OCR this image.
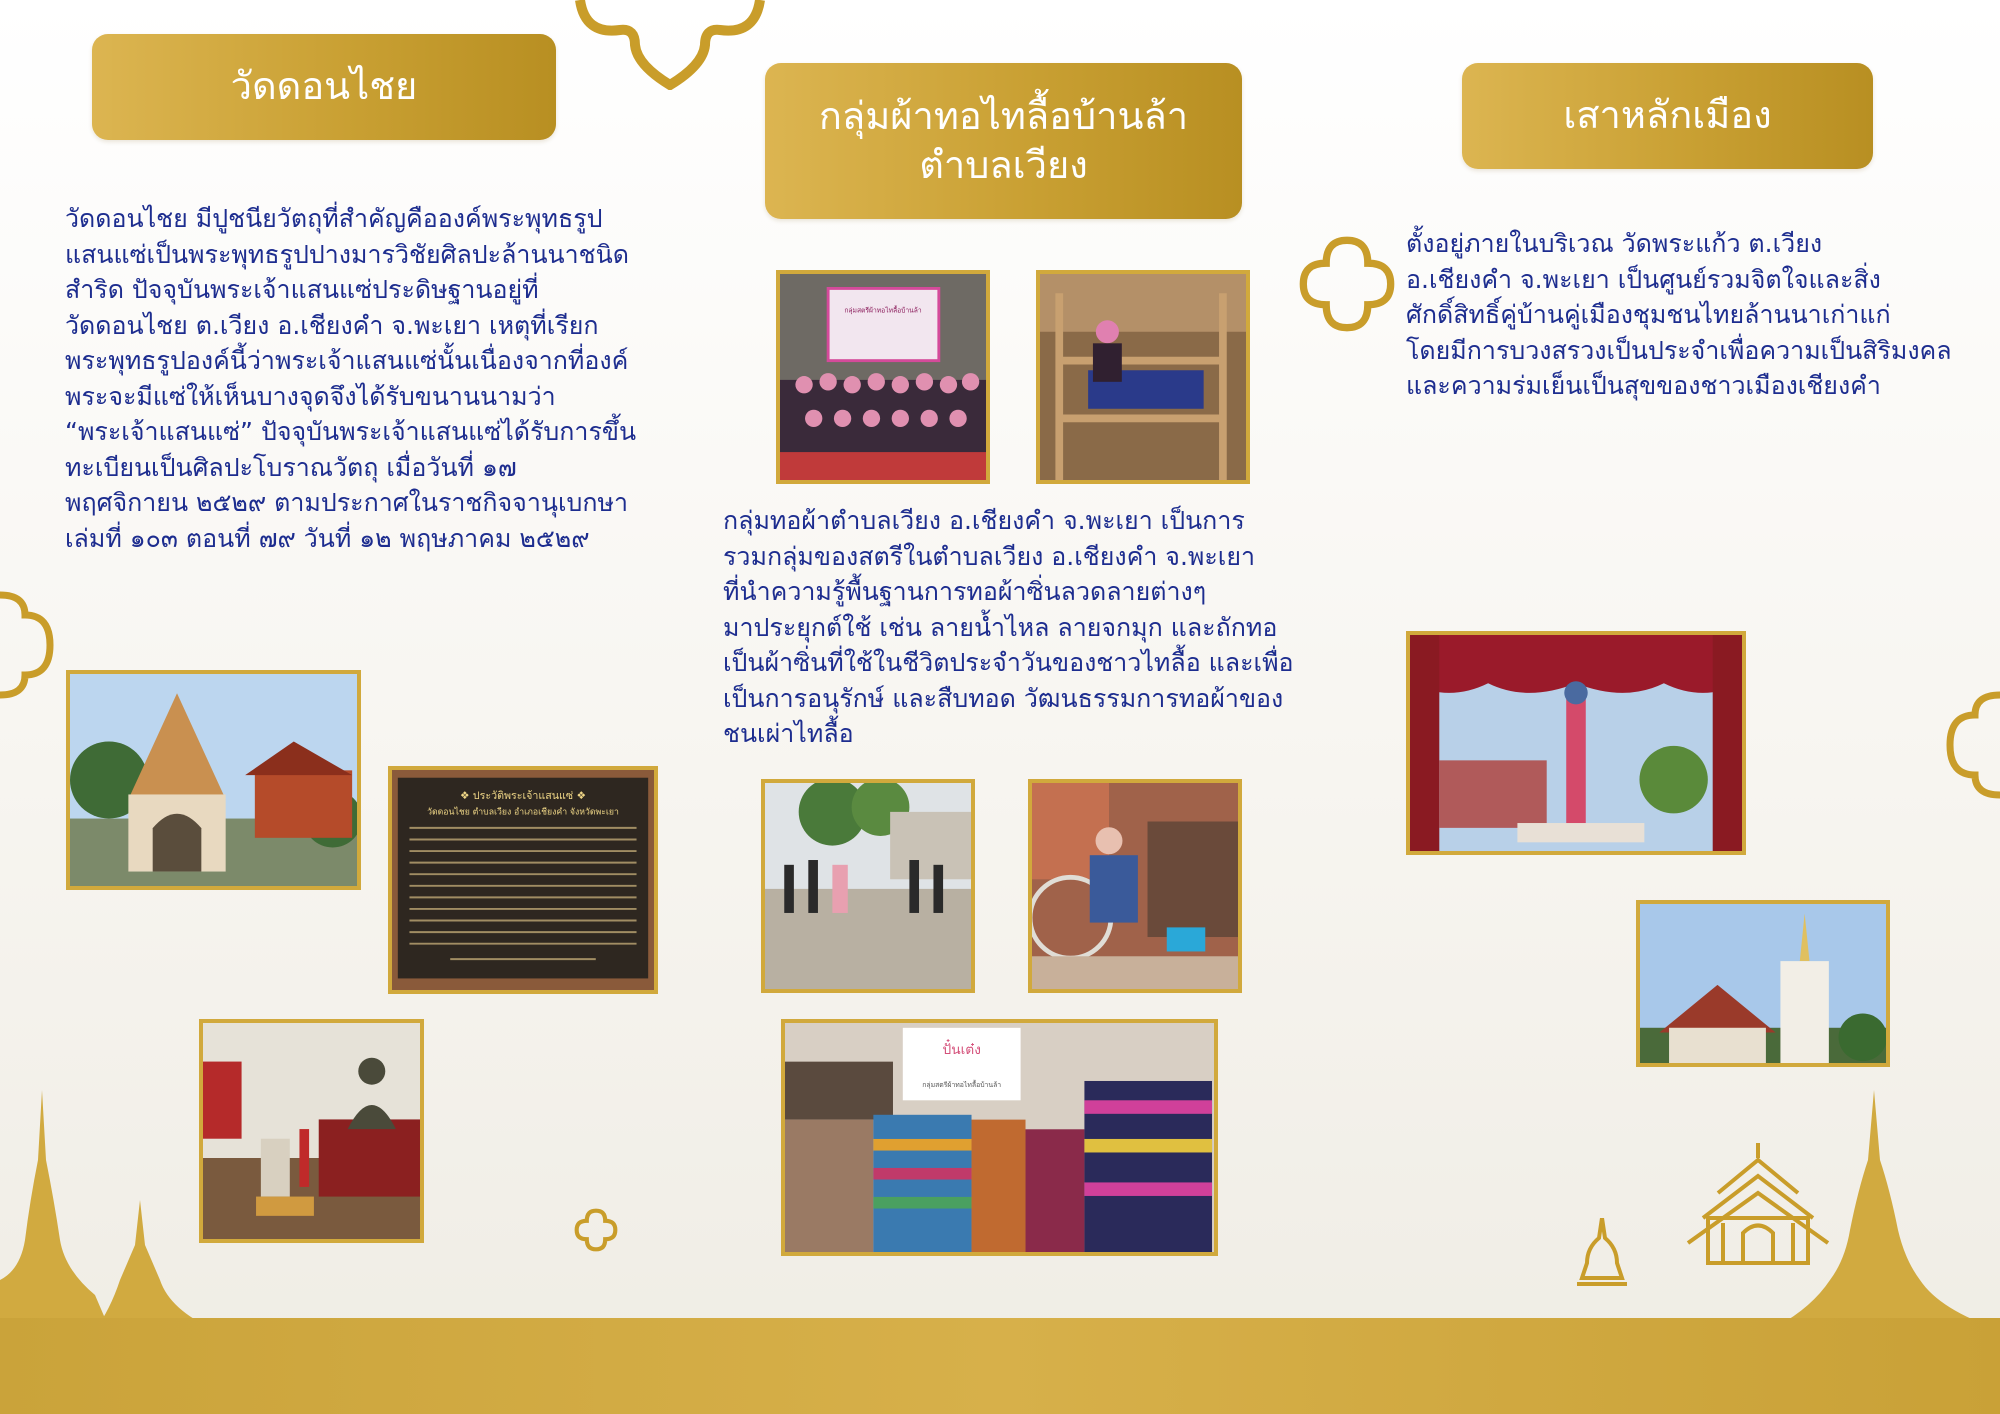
วัดดอนไชย
กลุ่มผ้าทอไทลื้อบ้านล้า
ตำบลเวียง
เสาหลักเมือง
วัดดอนไชย มีปูชนียวัตถุที่สำคัญคือองค์พระพุทธรูป
แสนแซ่เป็นพระพุทธรูปปางมารวิชัยศิลปะล้านนาชนิด
สำริด ปัจจุบันพระเจ้าแสนแซ่ประดิษฐานอยู่ที่
วัดดอนไชย ต.เวียง อ.เชียงคำ จ.พะเยา เหตุที่เรียก
พระพุทธรูปองค์นี้ว่าพระเจ้าแสนแซ่นั้นเนื่องจากที่องค์
พระจะมีแซ่ให้เห็นบางจุดจึงได้รับขนานนามว่า
“พระเจ้าแสนแซ่” ปัจจุบันพระเจ้าแสนแซ่ได้รับการขึ้น
ทะเบียนเป็นศิลปะโบราณวัตถุ เมื่อวันที่ ๑๗
พฤศจิกายน ๒๕๒๙ ตามประกาศในราชกิจจานุเบกษา
เล่มที่ ๑๐๓ ตอนที่ ๗๙ วันที่ ๑๒ พฤษภาคม ๒๕๒๙
กลุ่มทอผ้าตำบลเวียง อ.เชียงคำ จ.พะเยา เป็นการ
รวมกลุ่มของสตรีในตำบลเวียง อ.เชียงคำ จ.พะเยา
ที่นำความรู้พื้นฐานการทอผ้าซิ่นลวดลายต่างๆ
มาประยุกต์ใช้ เช่น ลายน้ำไหล ลายจกมุก และถักทอ
เป็นผ้าซิ่นที่ใช้ในชีวิตประจำวันของชาวไทลื้อ และเพื่อ
เป็นการอนุรักษ์ และสืบทอด วัฒนธรรมการทอผ้าของ
ชนเผ่าไทลื้อ
ตั้งอยู่ภายในบริเวณ วัดพระแก้ว ต.เวียง
อ.เชียงคำ จ.พะเยา เป็นศูนย์รวมจิตใจและสิ่ง
ศักดิ์สิทธิ์คู่บ้านคู่เมืองชุมชนไทยล้านนาเก่าแก่
โดยมีการบวงสรวงเป็นประจำเพื่อความเป็นสิริมงคล
และความร่มเย็นเป็นสุขของชาวเมืองเชียงคำ
❖ ประวัติพระเจ้าแสนแซ่ ❖
วัดดอนไชย ตำบลเวียง อำเภอเชียงคำ จังหวัดพะเยา
กลุ่มสตรีผ้าทอไทลื้อบ้านล้า
ปั๋นเต๋ง
กลุ่มสตรีผ้าทอไทลื้อบ้านล้า
